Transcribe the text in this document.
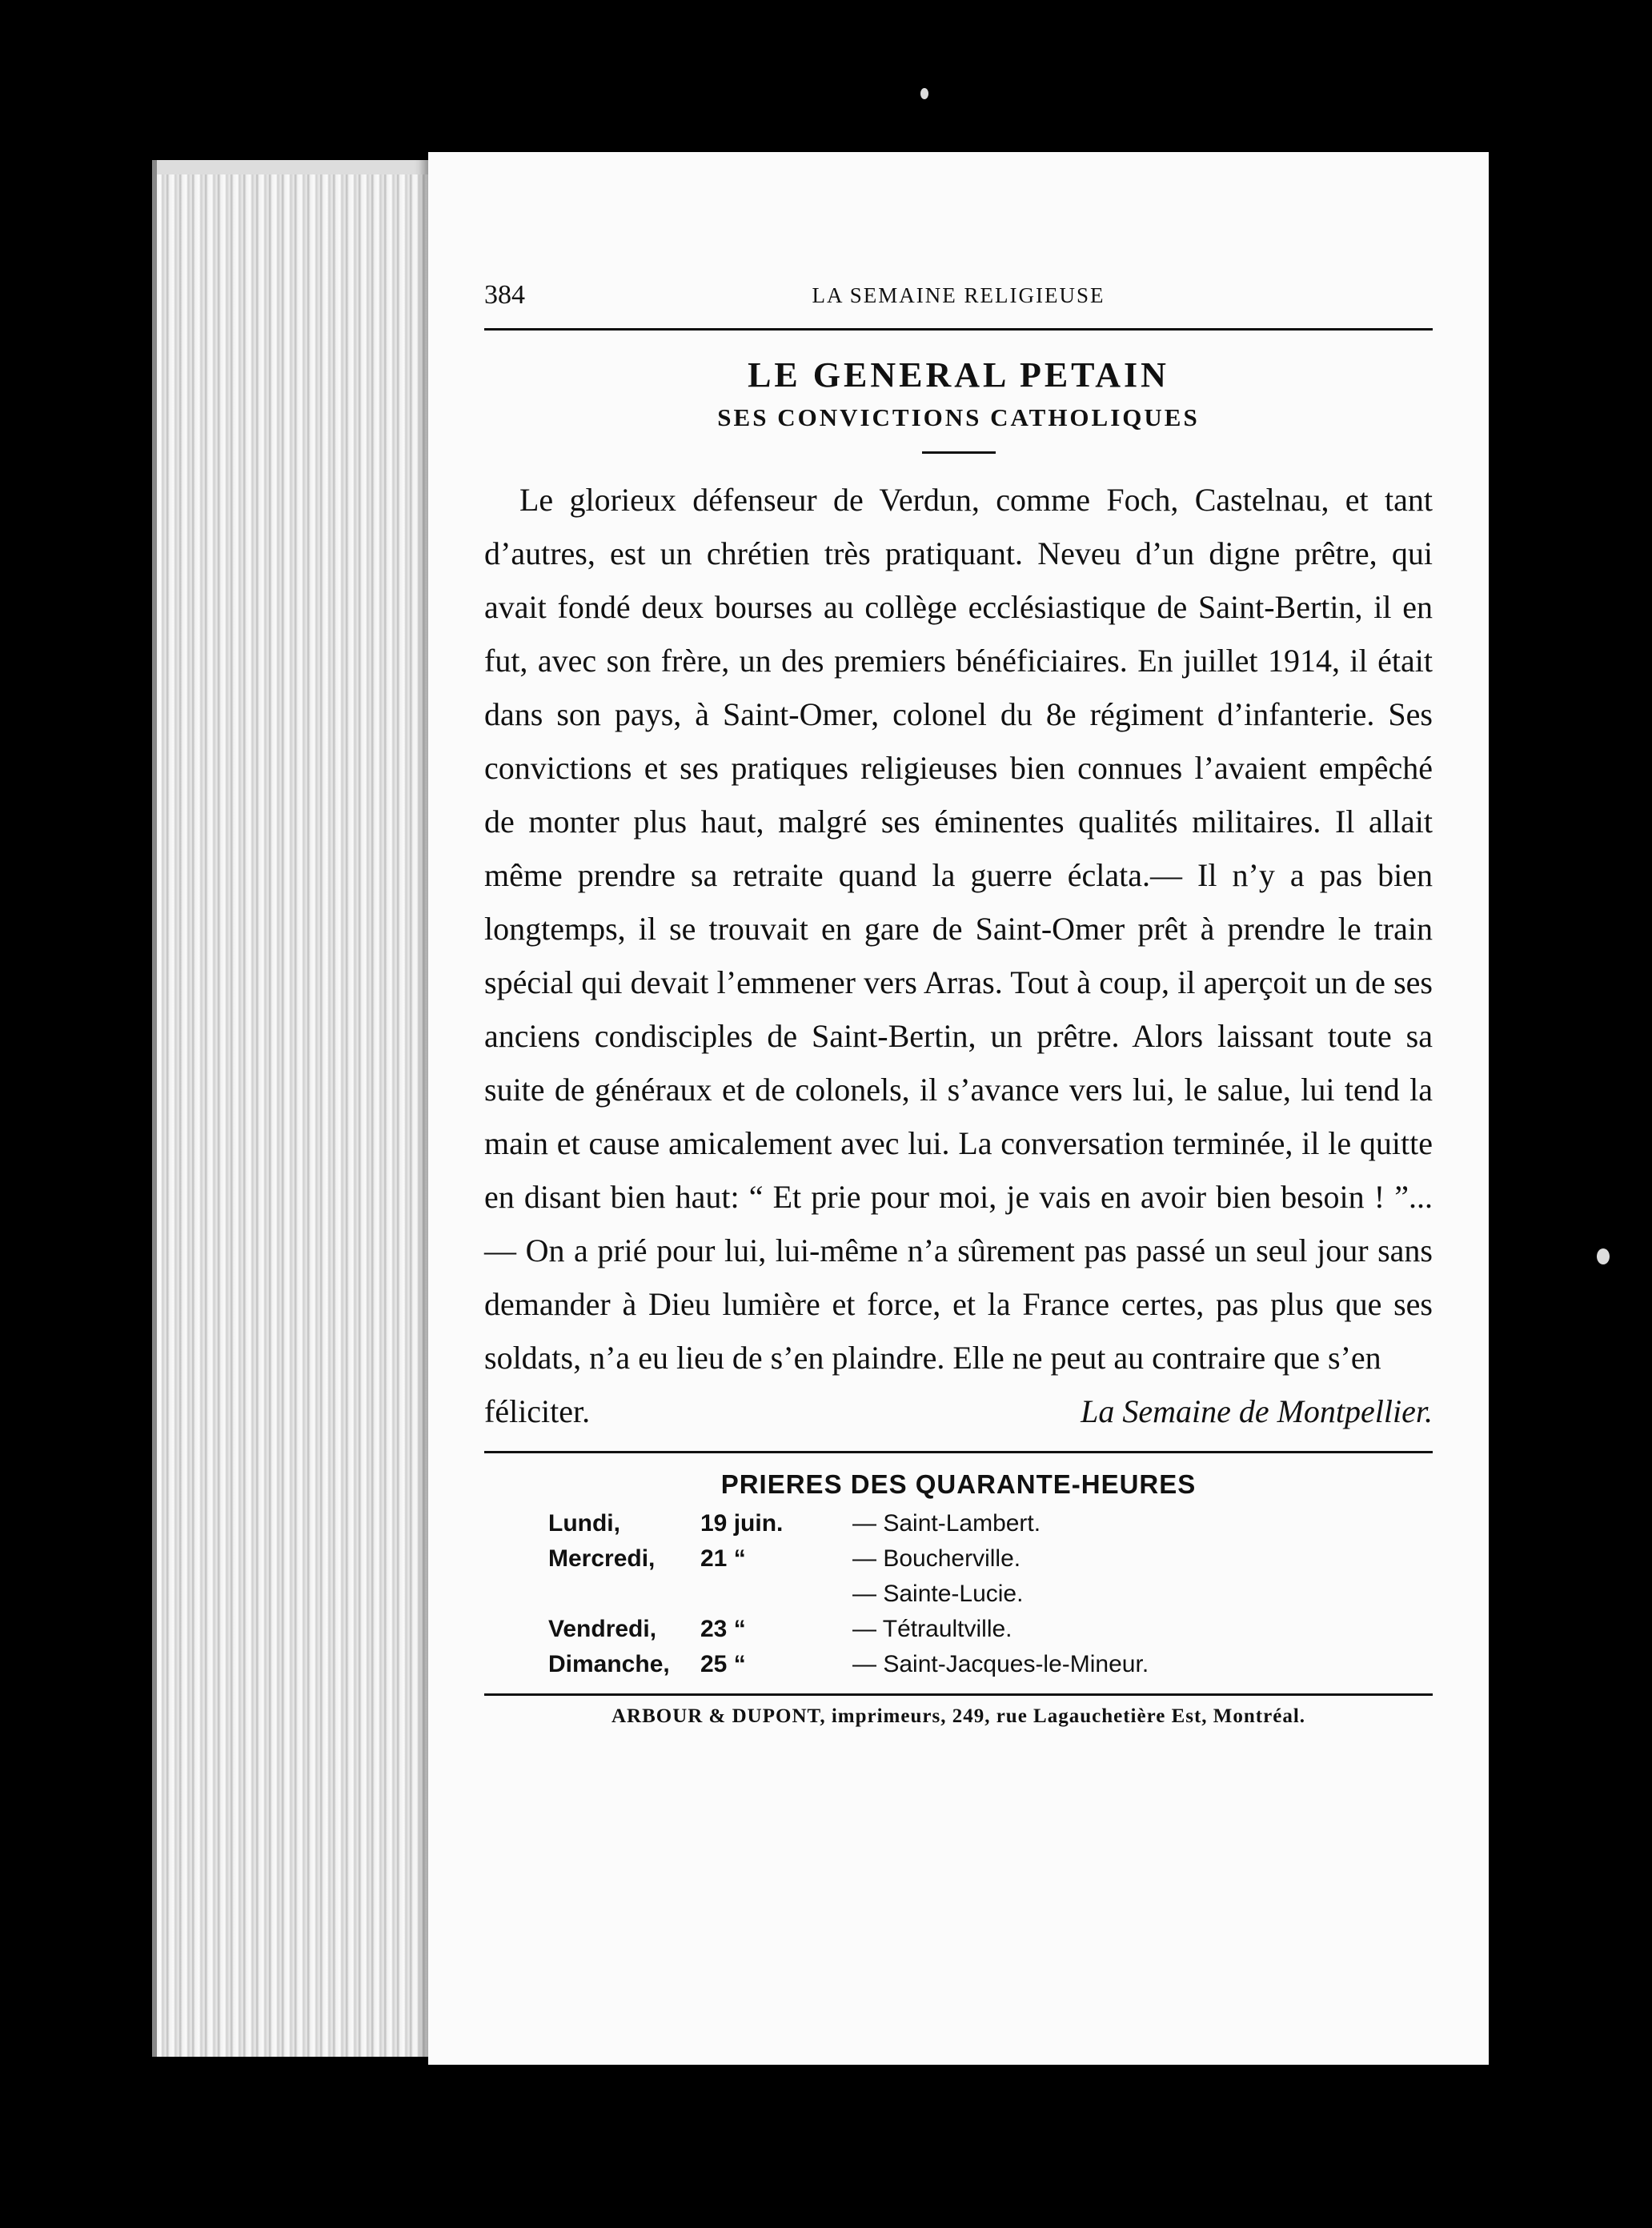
384	LA SEMAINE RELIGIEUSE
LE GENERAL PETAIN
SES CONVICTIONS CATHOLIQUES

Le glorieux défenseur de Verdun, comme Foch, Castelnau, et tant d’autres, est un chrétien très pratiquant. Neveu d’un digne prêtre, qui avait fondé deux bourses au collège ecclésiastique de Saint-Bertin, il en fut, avec son frère, un des premiers bénéficiaires. En juillet 1914, il était dans son pays, à Saint-Omer, colonel du 8e régiment d’infanterie. Ses convictions et ses pratiques religieuses bien connues l’avaient empêché de monter plus haut, malgré ses éminentes qualités militaires. Il allait même prendre sa retraite quand la guerre éclata.— Il n’y a pas bien longtemps, il se trouvait en gare de Saint-Omer prêt à prendre le train spécial qui devait l’emmener vers Arras. Tout à coup, il aperçoit un de ses anciens condisciples de Saint-Bertin, un prêtre. Alors laissant toute sa suite de généraux et de colonels, il s’avance vers lui, le salue, lui tend la main et cause amicalement avec lui. La conversation terminée, il le quitte en disant bien haut: “ Et prie pour moi, je vais en avoir bien besoin ! ”... — On a prié pour lui, lui-même n’a sûrement pas passé un seul jour sans demander à Dieu lumière et force, et la France certes, pas plus que ses soldats, n’a eu lieu de s’en plaindre. Elle ne peut au contraire que s’en

féliciter.	La Semaine de Montpellier.
PRIERES DES QUARANTE-HEURES
Lundi,	19 juin.	— Saint-Lambert.
Mercredi,	21 “	— Boucherville.
— Sainte-Lucie.
Vendredi,	23 “	— Tétraultville.
Dimanche,	25 “	— Saint-Jacques-le-Mineur.
ARBOUR & DUPONT, imprimeurs, 249, rue Lagauchetière Est, Montréal.
